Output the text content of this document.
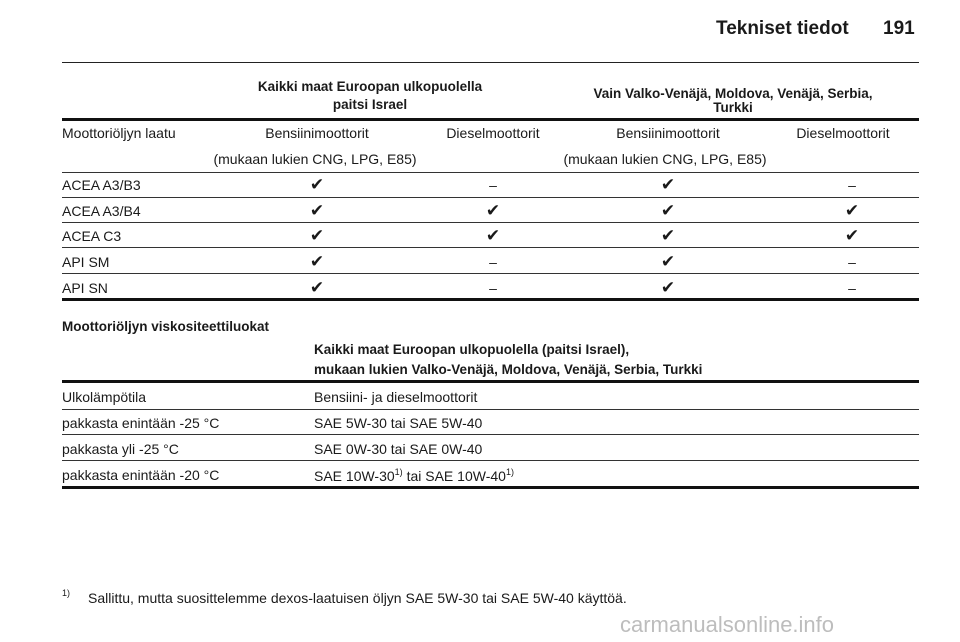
Tekniset tiedot 191
Kaikki maat Euroopan ulkopuolella
paitsi Israel
Vain Valko-Venäjä, Moldova, Venäjä, Serbia,
Turkki
Moottoriöljyn laatu	Bensiinimoottorit	Dieselmoottorit	Bensiinimoottorit	Dieselmoottorit
(mukaan lukien CNG, LPG, E85)	(mukaan lukien CNG, LPG, E85)
ACEA A3/B3	✔	–	✔	–
ACEA A3/B4	✔	✔	✔	✔
ACEA C3	✔	✔	✔	✔
API SM	✔	–	✔	–
API SN	✔	–	✔	–
Moottoriöljyn viskositeettiluokat
Kaikki maat Euroopan ulkopuolella (paitsi Israel),
mukaan lukien Valko-Venäjä, Moldova, Venäjä, Serbia, Turkki
Ulkolämpötila	Bensiini- ja dieselmoottorit
pakkasta enintään -25 °C	SAE 5W-30 tai SAE 5W-40
pakkasta yli -25 °C	SAE 0W-30 tai SAE 0W-40
pakkasta enintään -20 °C	SAE 10W-30$^{1)}$ tai SAE 10W-40$^{1)}$
1) Sallittu, mutta suosittelemme dexos-laatuisen öljyn SAE 5W-30 tai SAE 5W-40 käyttöä.
carmanualsonline.info
